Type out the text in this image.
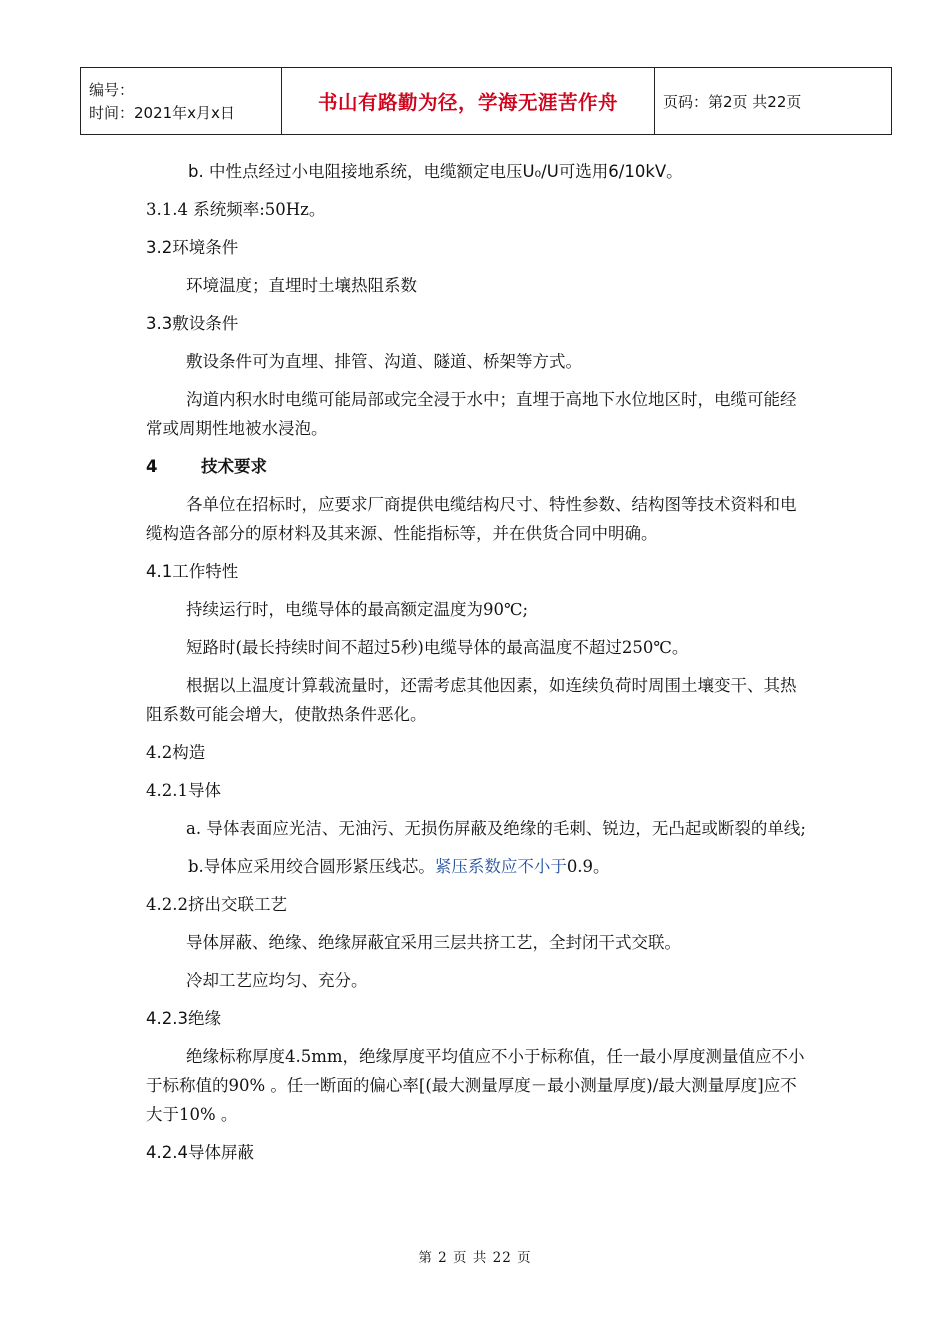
编号：
时间：2021年x月x日	书山有路勤为径，学海无涯苦作舟	页码：第2页 共22页

b. 中性点经过小电阻接地系统，电缆额定电压U₀/U可选用6/10kV。

3.1.4 系统频率:50Hz。

3.2环境条件

环境温度；直埋时土壤热阻系数

3.3敷设条件

敷设条件可为直埋、排管、沟道、隧道、桥架等方式。

沟道内积水时电缆可能局部或完全浸于水中；直埋于高地下水位地区时，电缆可能经常或周期性地被水浸泡。

4	技术要求

各单位在招标时，应要求厂商提供电缆结构尺寸、特性参数、结构图等技术资料和电缆构造各部分的原材料及其来源、性能指标等，并在供货合同中明确。

4.1工作特性

持续运行时，电缆导体的最高额定温度为90℃;

短路时(最长持续时间不超过5秒)电缆导体的最高温度不超过250℃。

根据以上温度计算载流量时，还需考虑其他因素，如连续负荷时周围土壤变干、其热阻系数可能会增大，使散热条件恶化。

4.2构造

4.2.1导体

a. 导体表面应光洁、无油污、无损伤屏蔽及绝缘的毛刺、锐边，无凸起或断裂的单线;

b.导体应采用绞合圆形紧压线芯。紧压系数应不小于0.9。

4.2.2挤出交联工艺

导体屏蔽、绝缘、绝缘屏蔽宜采用三层共挤工艺，全封闭干式交联。

冷却工艺应均匀、充分。

4.2.3绝缘

绝缘标称厚度4.5mm，绝缘厚度平均值应不小于标称值，任一最小厚度测量值应不小于标称值的90% 。任一断面的偏心率[(最大测量厚度－最小测量厚度)/最大测量厚度]应不大于10% 。

4.2.4导体屏蔽

第 2 页 共 22 页
